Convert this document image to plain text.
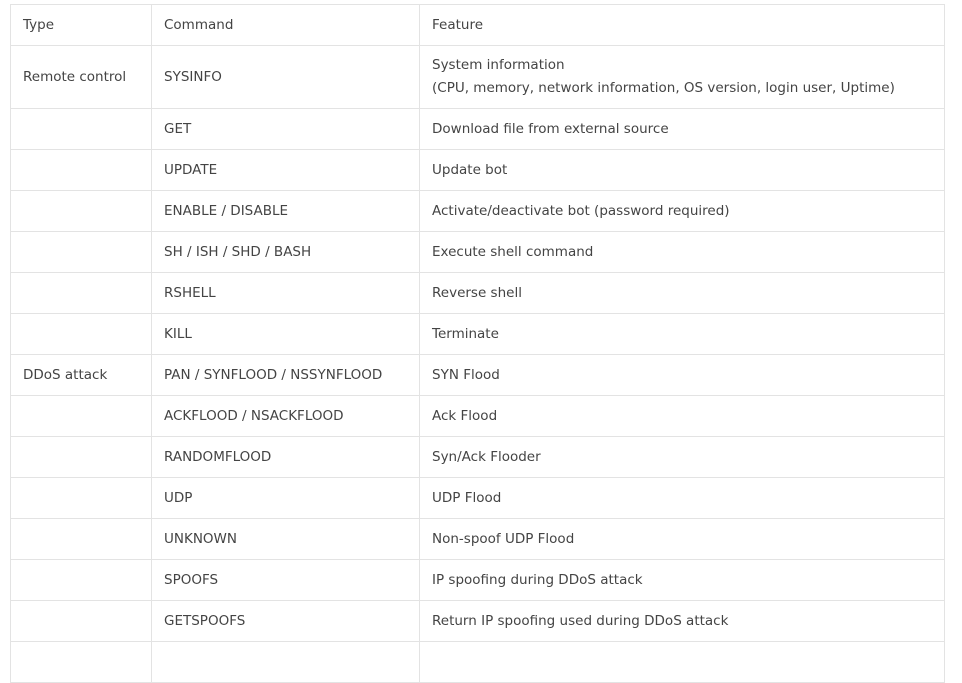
Type	Command	Feature
Remote control	SYSINFO	System information
(CPU, memory, network information, OS version, login user, Uptime)

	GET	Download file from external source
	UPDATE	Update bot
	ENABLE / DISABLE	Activate/deactivate bot (password required)
	SH / ISH / SHD / BASH	Execute shell command
	RSHELL	Reverse shell
	KILL	Terminate
DDoS attack	PAN / SYNFLOOD / NSSYNFLOOD	SYN Flood
	ACKFLOOD / NSACKFLOOD	Ack Flood
	RANDOMFLOOD	Syn/Ack Flooder
	UDP	UDP Flood
	UNKNOWN	Non-spoof UDP Flood
	SPOOFS	IP spoofing during DDoS attack
	GETSPOOFS	Return IP spoofing used during DDoS attack
